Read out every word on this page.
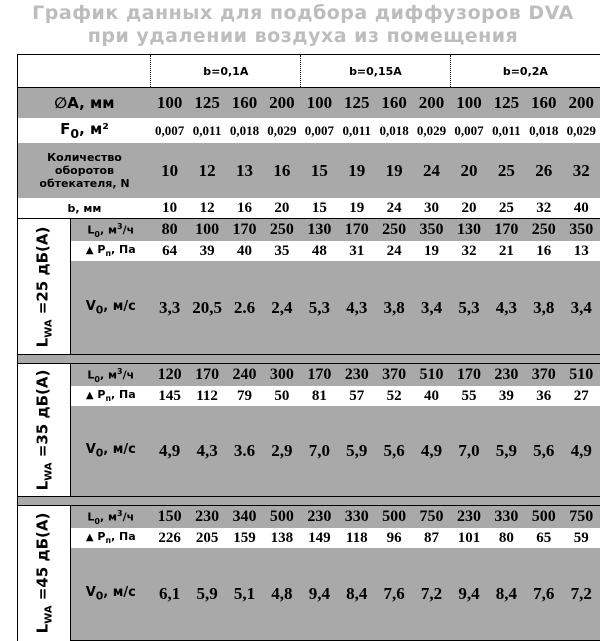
График данных для подбора диффузоров DVA
при удалении воздуха из помещения
		b=0,1A				b=0,15A				b=0,2A			
∅A, мм		100	125	160	200	100	125	160	200	100	125	160	200
$F_0$, м²		0,007	0,011	0,018	0,029	0,007	0,011	0,018	0,029	0,007	0,011	0,018	0,029

Количество
оборотов
обтекателя, N		10	12	13	16	15	19	19	24	20	25	26	32
b, мм		10	12	16	20	15	19	24	30	20	25	32	40

$L_{WA} =25$ дБ(А)	$L_0$, $м^3/ч$	80	100	170	250	130	170	250	350	130	170	250	350
	▲ $P_п$, Па	64	39	40	35	48	31	24	19	32	21	16	13
	$V_0$, м/с	3,3	20,5	2.6	2,4	5,3	4,3	3,8	3,4	5,3	4,3	3,8	3,4

$L_{WA} =35$ дБ(А)	$L_0$, $м^3/ч$	120	170	240	300	170	230	370	510	170	230	370	510
	▲ $P_п$, Па	145	112	79	50	81	57	52	40	55	39	36	27
	$V_0$, м/с	4,9	4,3	3.6	2,9	7,0	5,9	5,6	4,9	7,0	5,9	5,6	4,9

$L_{WA} =45$ дБ(А)	$L_0$, $м^3/ч$	150	230	340	500	230	330	500	750	230	330	500	750
	▲ $P_п$, Па	226	205	159	138	149	118	96	87	101	80	65	59
	$V_0$, м/с	6,1	5,9	5,1	4,8	9,4	8,4	7,6	7,2	9,4	8,4	7,6	7,2
